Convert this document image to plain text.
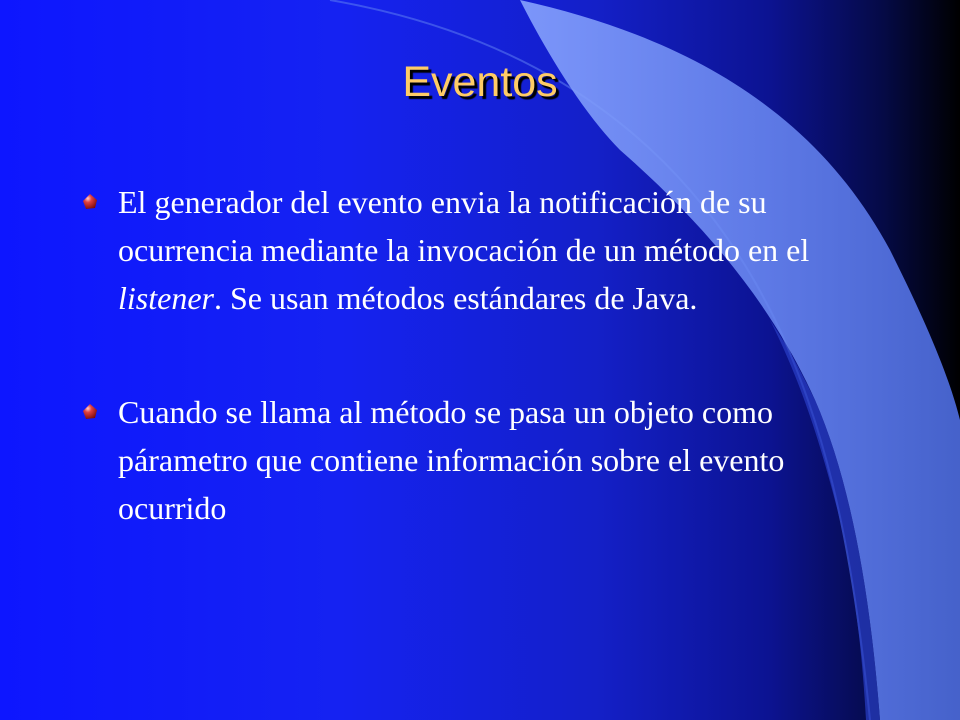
Eventos

El generador del evento envia la notificación de su ocurrencia mediante la invocación de un método en el listener. Se usan métodos estándares de Java.

Cuando se llama al método se pasa un objeto como párametro que contiene información sobre el evento ocurrido
